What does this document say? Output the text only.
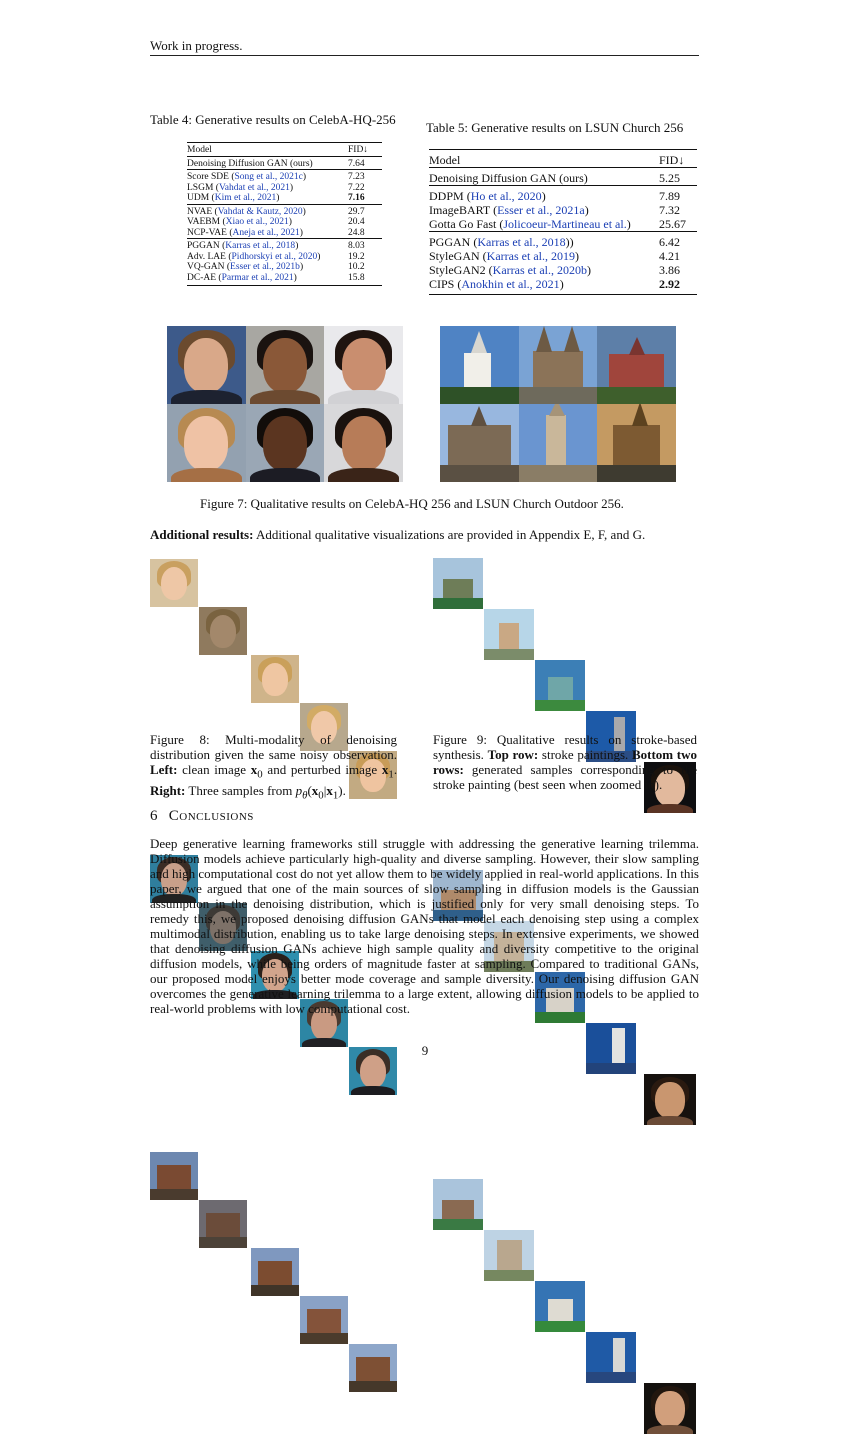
Work in progress.
Table 4: Generative results on CelebA-HQ-256
Model	FID↓
Denoising Diffusion GAN (ours)	7.64
Score SDE (Song et al., 2021c)	7.23
LSGM (Vahdat et al., 2021)	7.22
UDM (Kim et al., 2021)	7.16
NVAE (Vahdat & Kautz, 2020)	29.7
VAEBM (Xiao et al., 2021)	20.4
NCP-VAE (Aneja et al., 2021)	24.8
PGGAN (Karras et al., 2018)	8.03
Adv. LAE (Pidhorskyi et al., 2020)	19.2
VQ-GAN (Esser et al., 2021b)	10.2
DC-AE (Parmar et al., 2021)	15.8
Table 5: Generative results on LSUN Church 256
Model	FID↓
Denoising Diffusion GAN (ours)	5.25
DDPM (Ho et al., 2020)	7.89
ImageBART (Esser et al., 2021a)	7.32
Gotta Go Fast (Jolicoeur-Martineau et al.)	25.67
PGGAN (Karras et al., 2018))	6.42
StyleGAN (Karras et al., 2019)	4.21
StyleGAN2 (Karras et al., 2020b)	3.86
CIPS (Anokhin et al., 2021)	2.92
Figure 7: Qualitative results on CelebA-HQ 256 and LSUN Church Outdoor 256.
Additional results: Additional qualitative visualizations are provided in Appendix E, F, and G.
Figure 8: Multi-modality of denoising distribution given the same noisy observation. Left: clean image $x_0$ and perturbed image $x_1$. Right: Three samples from $p_\theta(x_0|x_1)$.
Figure 9: Qualitative results on stroke-based synthesis. Top row: stroke paintings. Bottom two rows: generated samples corresponding to the stroke painting (best seen when zoomed in).
6 Conclusions
Deep generative learning frameworks still struggle with addressing the generative learning trilemma. Diffusion models achieve particularly high-quality and diverse sampling. However, their slow sampling and high computational cost do not yet allow them to be widely applied in real-world applications. In this paper, we argued that one of the main sources of slow sampling in diffusion models is the Gaussian assumption in the denoising distribution, which is justified only for very small denoising steps. To remedy this, we proposed denoising diffusion GANs that model each denoising step using a complex multimodal distribution, enabling us to take large denoising steps. In extensive experiments, we showed that denoising diffusion GANs achieve high sample quality and diversity competitive to the original diffusion models, while being orders of magnitude faster at sampling. Compared to traditional GANs, our proposed model enjoys better mode coverage and sample diversity. Our denoising diffusion GAN overcomes the generative learning trilemma to a large extent, allowing diffusion models to be applied to real-world problems with low computational cost.
9
